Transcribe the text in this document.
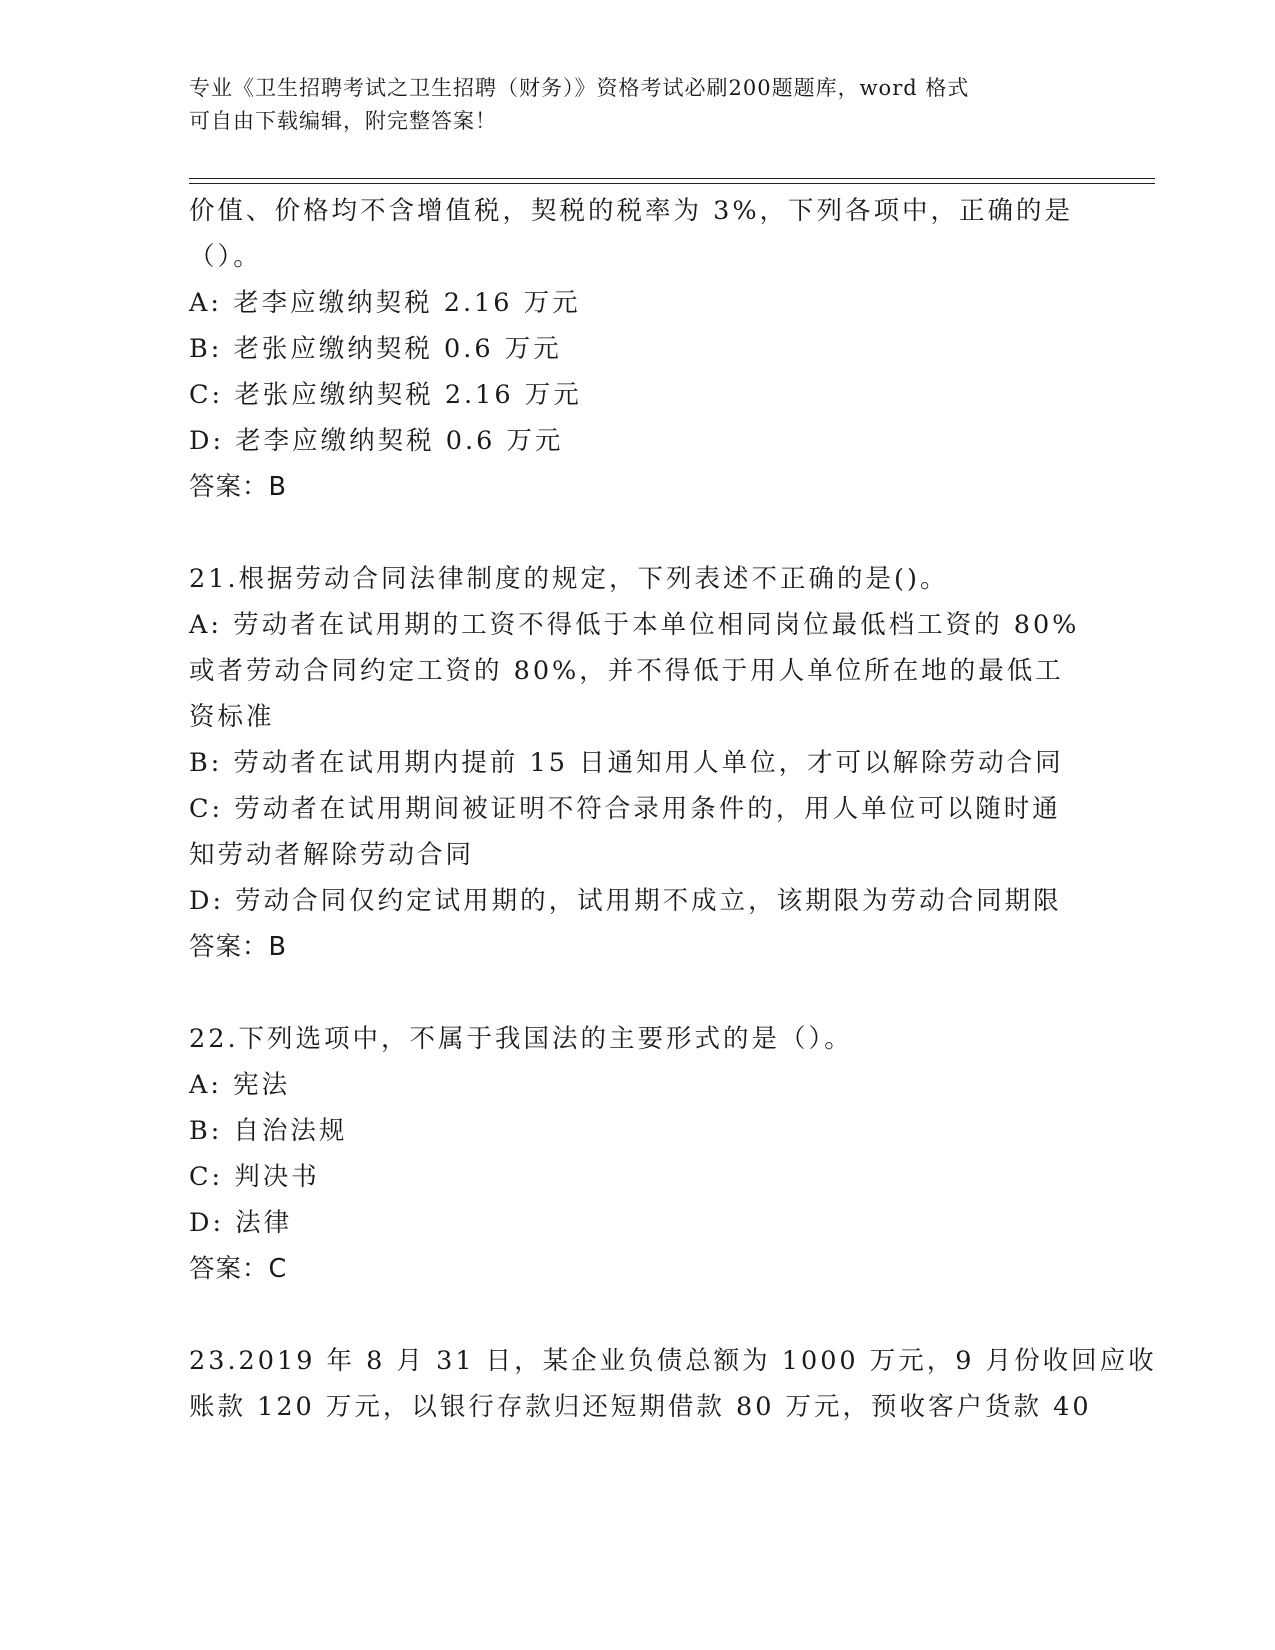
专业《卫生招聘考试之卫生招聘（财务）》资格考试必刷200题题库，word 格式
可自由下载编辑，附完整答案！
价值、价格均不含增值税，契税的税率为 3%，下列各项中，正确的是
（）。
A: 老李应缴纳契税 2.16 万元
B: 老张应缴纳契税 0.6 万元
C: 老张应缴纳契税 2.16 万元
D: 老李应缴纳契税 0.6 万元
答案：B
21.根据劳动合同法律制度的规定，下列表述不正确的是()。
A: 劳动者在试用期的工资不得低于本单位相同岗位最低档工资的 80%
或者劳动合同约定工资的 80%，并不得低于用人单位所在地的最低工
资标准
B: 劳动者在试用期内提前 15 日通知用人单位，才可以解除劳动合同
C: 劳动者在试用期间被证明不符合录用条件的，用人单位可以随时通
知劳动者解除劳动合同
D: 劳动合同仅约定试用期的，试用期不成立，该期限为劳动合同期限
答案：B
22.下列选项中，不属于我国法的主要形式的是（）。
A: 宪法
B: 自治法规
C: 判决书
D: 法律
答案：C
23.2019 年 8 月 31 日，某企业负债总额为 1000 万元，9 月份收回应收
账款 120 万元，以银行存款归还短期借款 80 万元，预收客户货款 40
